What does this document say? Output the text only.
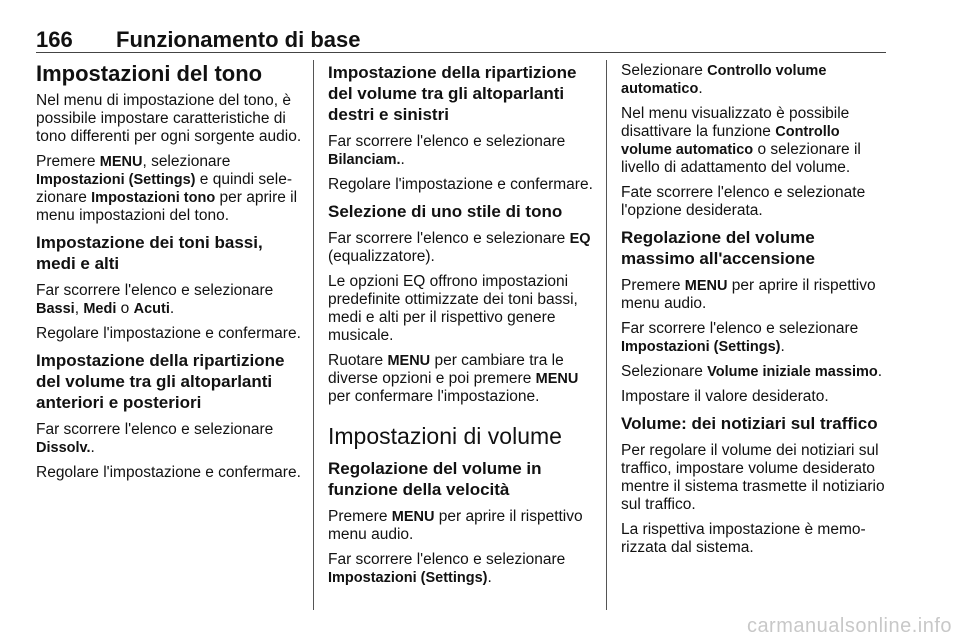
166 Funzionamento di base
Impostazioni del tono

Nel menu di impostazione del tono, è possibile impostare caratteristiche di tono differenti per ogni sorgente audio.

Premere MENU, selezionare Impostazioni (Settings) e quindi selezionare Impostazioni tono per aprire il menu impostazioni del tono.

Impostazione dei toni bassi, medi e alti

Far scorrere l'elenco e selezionare Bassi, Medi o Acuti.

Regolare l'impostazione e confermare.

Impostazione della ripartizione del volume tra gli altoparlanti anteriori e posteriori

Far scorrere l'elenco e selezionare Dissolv..

Regolare l'impostazione e confermare.

Impostazione della ripartizione del volume tra gli altoparlanti destri e sinistri

Far scorrere l'elenco e selezionare Bilanciam..

Regolare l'impostazione e confermare.

Selezione di uno stile di tono

Far scorrere l'elenco e selezionare EQ (equalizzatore).

Le opzioni EQ offrono impostazioni predefinite ottimizzate dei toni bassi, medi e alti per il rispettivo genere musicale.

Ruotare MENU per cambiare tra le diverse opzioni e poi premere MENU per confermare l'impostazione.

Impostazioni di volume
Regolazione del volume in funzione della velocità

Premere MENU per aprire il rispettivo menu audio.

Far scorrere l'elenco e selezionare Impostazioni (Settings).

Selezionare Controllo volume automatico.

Nel menu visualizzato è possibile disattivare la funzione Controllo volume automatico o selezionare il livello di adattamento del volume.

Fate scorrere l'elenco e selezionate l'opzione desiderata.

Regolazione del volume massimo all'accensione

Premere MENU per aprire il rispettivo menu audio.

Far scorrere l'elenco e selezionare Impostazioni (Settings).

Selezionare Volume iniziale massimo.

Impostare il valore desiderato.

Volume: dei notiziari sul traffico

Per regolare il volume dei notiziari sul traffico, impostare volume desiderato mentre il sistema trasmette il notiziario sul traffico.

La rispettiva impostazione è memorizzata dal sistema.

carmanualsonline.info
